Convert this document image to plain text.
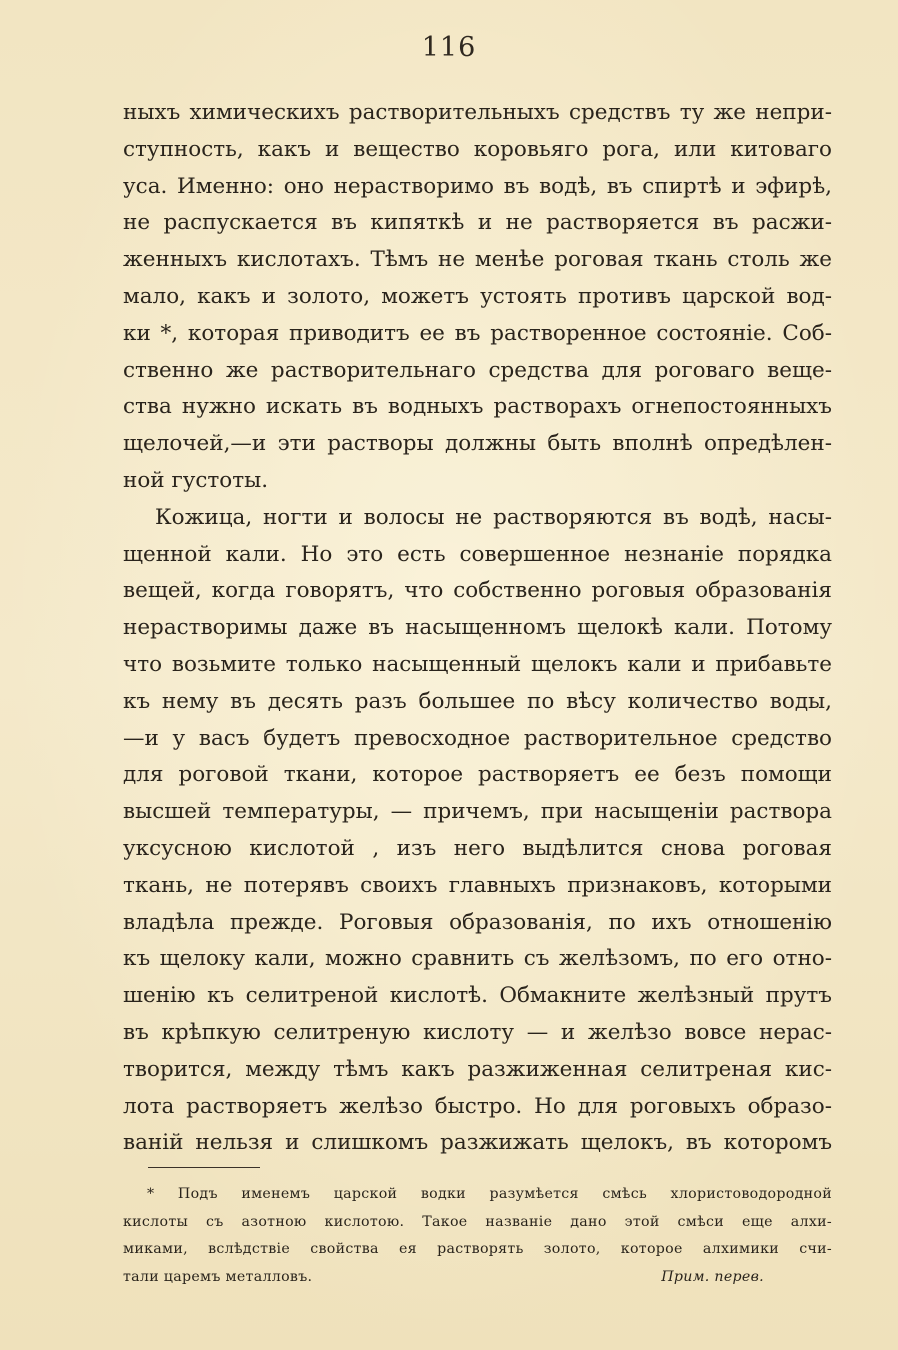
116
ныхъ химическихъ растворительныхъ средствъ ту же непри-
ступность, какъ и вещество коровьяго рога, или китоваго
уса. Именно: оно нерастворимо въ водѣ, въ спиртѣ и эфирѣ,
не распускается въ кипяткѣ и не растворяется въ расжи-
женныхъ кислотахъ. Тѣмъ не менѣе роговая ткань столь же
мало, какъ и золото, можетъ устоять противъ царской вод-
ки *, которая приводитъ ее въ растворенное состояніе. Соб-
ственно же растворительнаго средства для роговаго веще-
ства нужно искать въ водныхъ растворахъ огнепостоянныхъ
щелочей,—и эти растворы должны быть вполнѣ опредѣлен-
ной густоты.
Кожица, ногти и волосы не растворяются въ водѣ, насы-
щенной кали. Но это есть совершенное незнаніе порядка
вещей, когда говорятъ, что собственно роговыя образованія
нерастворимы даже въ насыщенномъ щелокѣ кали. Потому
что возьмите только насыщенный щелокъ кали и прибавьте
къ нему въ десять разъ большее по вѣсу количество воды,
—и у васъ будетъ превосходное растворительное средство
для роговой ткани, которое растворяетъ ее безъ помощи
высшей температуры, — причемъ, при насыщеніи раствора
уксусною кислотой , изъ него выдѣлится снова роговая
ткань, не потерявъ своихъ главныхъ признаковъ, которыми
владѣла прежде. Роговыя образованія, по ихъ отношенію
къ щелоку кали, можно сравнить съ желѣзомъ, по его отно-
шенію къ селитреной кислотѣ. Обмакните желѣзный прутъ
въ крѣпкую селитреную кислоту — и желѣзо вовсе нерас-
творится, между тѣмъ какъ разжиженная селитреная кис-
лота растворяетъ желѣзо быстро. Но для роговыхъ образо-
ваній нельзя и слишкомъ разжижать щелокъ, въ которомъ
* Подъ именемъ царской водки разумѣется смѣсь хлористоводородной
кислоты съ азотною кислотою. Такое названіе дано этой смѣси еще алхи-
миками, вслѣдствіе свойства ея растворять золото, которое алхимики счи-
тали царемъ металловъ.	Прим. перев.
